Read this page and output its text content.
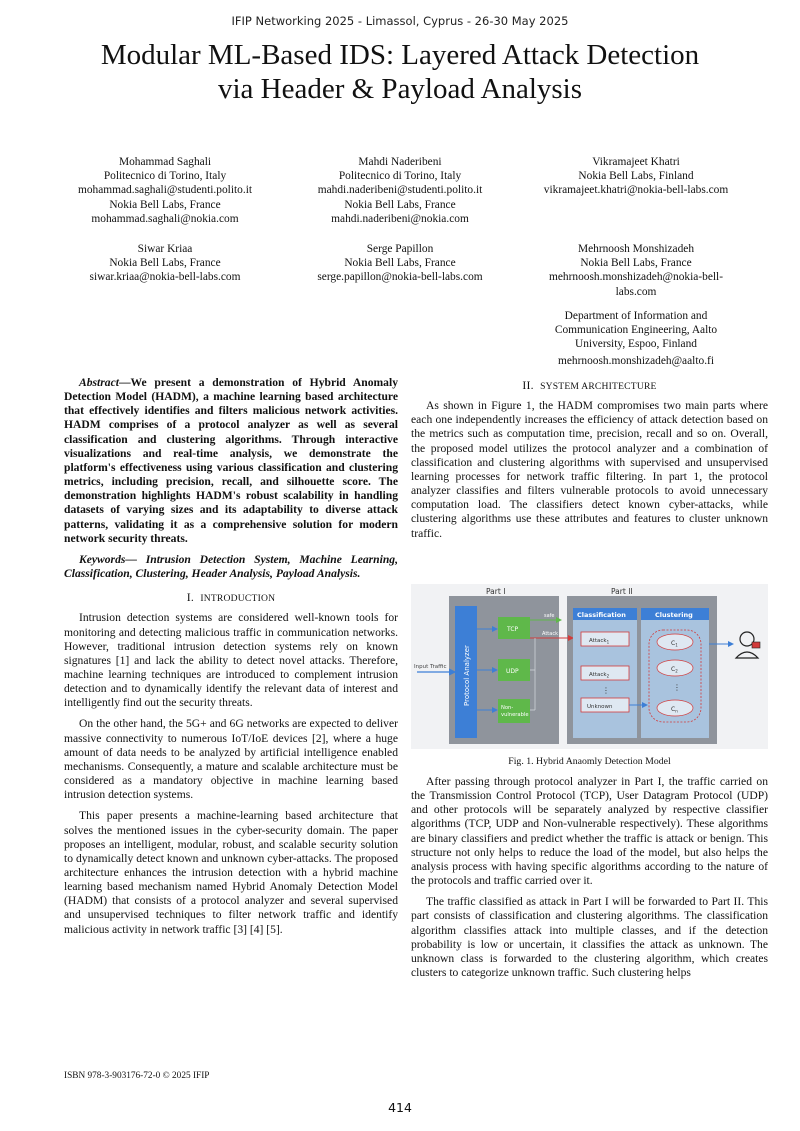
IFIP Networking 2025 - Limassol, Cyprus - 26-30 May 2025
Modular ML-Based IDS: Layered Attack Detection
via Header & Payload Analysis
Mohammad Saghali
Politecnico di Torino, Italy
mohammad.saghali@studenti.polito.it
Nokia Bell Labs, France
mohammad.saghali@nokia.com
Mahdi Naderibeni
Politecnico di Torino, Italy
mahdi.naderibeni@studenti.polito.it
Nokia Bell Labs, France
mahdi.naderibeni@nokia.com
Vikramajeet Khatri
Nokia Bell Labs, Finland
vikramajeet.khatri@nokia-bell-labs.com
Siwar Kriaa
Nokia Bell Labs, France
siwar.kriaa@nokia-bell-labs.com
Serge Papillon
Nokia Bell Labs, France
serge.papillon@nokia-bell-labs.com
Mehrnoosh Monshizadeh
Nokia Bell Labs, France
mehrnoosh.monshizadeh@nokia-bell-labs.com
Department of Information and Communication Engineering, Aalto University, Espoo, Finland
mehrnoosh.monshizadeh@aalto.fi

Abstract—We present a demonstration of Hybrid Anomaly Detection Model (HADM), a machine learning based architecture that effectively identifies and filters malicious network activities. HADM comprises of a protocol analyzer as well as several classification and clustering algorithms. Through interactive visualizations and real-time analysis, we demonstrate the platform's effectiveness using various classification and clustering metrics, including precision, recall, and silhouette score. The demonstration highlights HADM's robust scalability in handling datasets of varying sizes and its adaptability to diverse attack patterns, validating it as a comprehensive solution for modern network security threats.

Keywords— Intrusion Detection System, Machine Learning, Classification, Clustering, Header Analysis, Payload Analysis.

I. INTRODUCTION

Intrusion detection systems are considered well-known tools for monitoring and detecting malicious traffic in communication networks. However, traditional intrusion detection systems rely on known signatures [1] and lack the ability to detect novel attacks. Therefore, machine learning techniques are introduced to complement intrusion detection and to dynamically identify the relevant data of interest and intelligently find out the security threats.

On the other hand, the 5G+ and 6G networks are expected to deliver massive connectivity to numerous IoT/IoE devices [2], where a huge amount of data needs to be analyzed by artificial intelligence enabled mechanisms. Consequently, a mature and scalable architecture must be considered as a mandatory objective in machine learning based intrusion detection systems.

This paper presents a machine-learning based architecture that solves the mentioned issues in the cyber-security domain. The paper proposes an intelligent, modular, robust, and scalable security solution to dynamically detect known and unknown cyber-attacks. The proposed architecture enhances the intrusion detection with a hybrid machine learning based mechanism named Hybrid Anomaly Detection Model (HADM) that consists of a protocol analyzer and several supervised and unsupervised techniques to filter network traffic and identify malicious activity in network traffic [3] [4] [5].

II. SYSTEM ARCHITECTURE

As shown in Figure 1, the HADM compromises two main parts where each one independently increases the efficiency of attack detection based on the metrics such as computation time, precision, recall and so on. Overall, the proposed model utilizes the protocol analyzer and a combination of classification and clustering algorithms with supervised and unsupervised learning processes for network traffic filtering. In part 1, the protocol analyzer classifies and filters vulnerable protocols to avoid unnecessary computation load. The classifiers detect known cyber-attacks, while clustering algorithms use these attributes and features to cluster unknown traffic.

Part I	Part II
Input Traffic Protocol Analyzer
TCP
UDP
Non-
vulnerable
safe
Attack
Classification	Clustering
Attack$_1$
Attack$_2$
⋮
Unknown
$C_1$
$C_2$
⋮
$C_n$
Fig. 1. Hybrid Anaomly Detection Model

After passing through protocol analyzer in Part I, the traffic carried on the Transmission Control Protocol (TCP), User Datagram Protocol (UDP) and other protocols will be separately analyzed by respective classifier algorithms (TCP, UDP and Non-vulnerable respectively). These algorithms are binary classifiers and predict whether the traffic is attack or benign. This structure not only helps to reduce the load of the model, but also helps the analysis process with having specific algorithms according to the nature of the protocols and traffic carried over it.

The traffic classified as attack in Part I will be forwarded to Part II. This part consists of classification and clustering algorithms. The classification algorithm classifies attack into multiple classes, and if the detection probability is low or uncertain, it classifies the attack as unknown. The unknown class is forwarded to the clustering algorithm, which creates clusters to categorize unknown traffic. Such clustering helps

ISBN 978-3-903176-72-0 © 2025 IFIP
414
